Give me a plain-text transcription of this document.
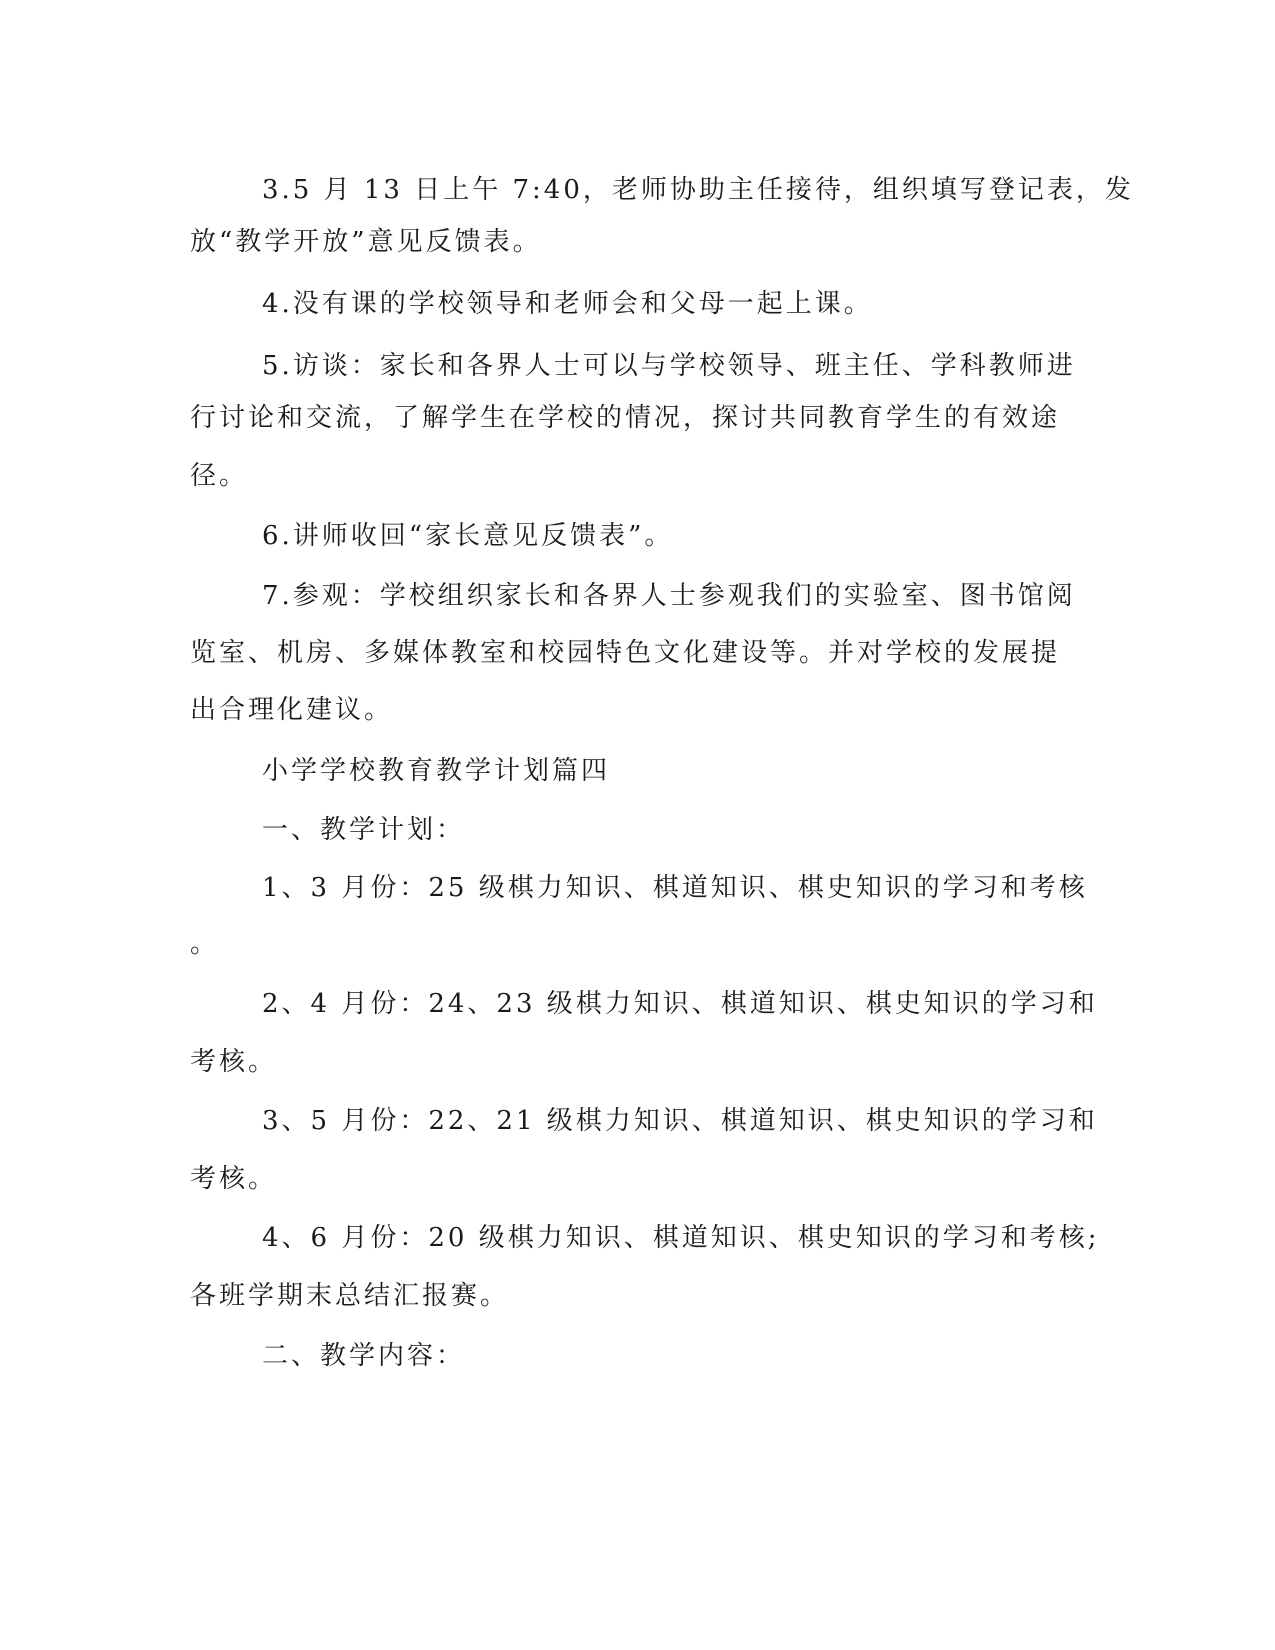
3.5 月 13 日上午 7:40，老师协助主任接待，组织填写登记表，发
放“教学开放”意见反馈表。
4.没有课的学校领导和老师会和父母一起上课。
5.访谈：家长和各界人士可以与学校领导、班主任、学科教师进
行讨论和交流，了解学生在学校的情况，探讨共同教育学生的有效途
径。
6.讲师收回“家长意见反馈表”。
7.参观：学校组织家长和各界人士参观我们的实验室、图书馆阅
览室、机房、多媒体教室和校园特色文化建设等。并对学校的发展提
出合理化建议。
小学学校教育教学计划篇四
一、教学计划：
1、3 月份：25 级棋力知识、棋道知识、棋史知识的学习和考核
。
2、4 月份：24、23 级棋力知识、棋道知识、棋史知识的学习和
考核。
3、5 月份：22、21 级棋力知识、棋道知识、棋史知识的学习和
考核。
4、6 月份：20 级棋力知识、棋道知识、棋史知识的学习和考核;
各班学期末总结汇报赛。
二、教学内容：
